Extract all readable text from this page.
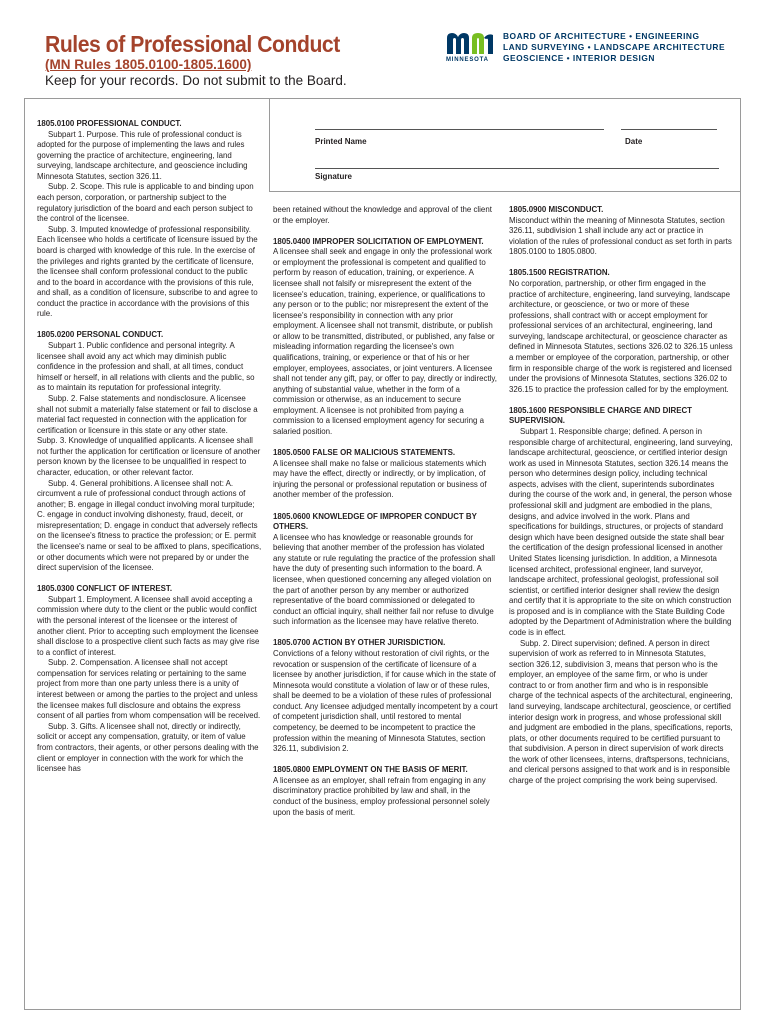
Rules of Professional Conduct
(MN Rules 1805.0100-1805.1600)
Keep for your records. Do not submit to the Board.
MINNESOTA
BOARD OF ARCHITECTURE • ENGINEERING
LAND SURVEYING • LANDSCAPE ARCHITECTURE
GEOSCIENCE • INTERIOR DESIGN
Printed Name	Date
Signature
1805.0100 PROFESSIONAL CONDUCT.

Subpart 1. Purpose. This rule of professional conduct is adopted for the purpose of implementing the laws and rules governing the practice of architecture, engineering, land surveying, landscape architecture, and geoscience including Minnesota Statutes, section 326.11.

Subp. 2. Scope. This rule is applicable to and binding upon each person, corporation, or partnership subject to the regulatory jurisdiction of the board and each person subject to the control of the licensee.

Subp. 3. Imputed knowledge of professional responsibility. Each licensee who holds a certificate of licensure issued by the board is charged with knowledge of this rule. In the exercise of the privileges and rights granted by the certificate of licensure, the licensee shall conform professional conduct to the public and to the board in accordance with the provisions of this rule, and shall, as a condition of licensure, subscribe to and agree to conduct the practice in accordance with the provisions of this rule.

1805.0200 PERSONAL CONDUCT.

Subpart 1. Public confidence and personal integrity. A licensee shall avoid any act which may diminish public confidence in the profession and shall, at all times, conduct himself or herself, in all relations with clients and the public, so as to maintain its reputation for professional integrity.

Subp. 2. False statements and nondisclosure. A licensee shall not submit a materially false statement or fail to disclose a material fact requested in connection with the application for certification or licensure in this state or any other state.

Subp. 3. Knowledge of unqualified applicants. A licensee shall not further the application for certification or licensure of another person known by the licensee to be unqualified in respect to character, education, or other relevant factor.

Subp. 4. General prohibitions. A licensee shall not: A. circumvent a rule of professional conduct through actions of another; B. engage in illegal conduct involving moral turpitude; C. engage in conduct involving dishonesty, fraud, deceit, or misrepresentation; D. engage in conduct that adversely reflects on the licensee's fitness to practice the profession; or E. permit the licensee's name or seal to be affixed to plans, specifications, or other documents which were not prepared by or under the direct supervision of the licensee.

1805.0300 CONFLICT OF INTEREST.

Subpart 1. Employment. A licensee shall avoid accepting a commission where duty to the client or the public would conflict with the personal interest of the licensee or the interest of another client. Prior to accepting such employment the licensee shall disclose to a prospective client such facts as may give rise to a conflict of interest.

Subp. 2. Compensation. A licensee shall not accept compensation for services relating or pertaining to the same project from more than one party unless there is a unity of interest between or among the parties to the project and unless the licensee makes full disclosure and obtains the express consent of all parties from whom compensation will be received.

Subp. 3. Gifts. A licensee shall not, directly or indirectly, solicit or accept any compensation, gratuity, or item of value from contractors, their agents, or other persons dealing with the client or employer in connection with the work for which the licensee has

been retained without the knowledge and approval of the client or the employer.

1805.0400 IMPROPER SOLICITATION OF EMPLOYMENT.

A licensee shall seek and engage in only the professional work or employment the professional is competent and qualified to perform by reason of education, training, or experience. A licensee shall not falsify or misrepresent the extent of the licensee's education, training, experience, or qualifications to any person or to the public; nor misrepresent the extent of the licensee's responsibility in connection with any prior employment. A licensee shall not transmit, distribute, or publish or allow to be transmitted, distributed, or published, any false or misleading information regarding the licensee's own qualifications, training, or experience or that of his or her employer, employees, associates, or joint venturers. A licensee shall not tender any gift, pay, or offer to pay, directly or indirectly, anything of substantial value, whether in the form of a commission or otherwise, as an inducement to secure employment. A licensee is not prohibited from paying a commission to a licensed employment agency for securing a salaried position.

1805.0500 FALSE OR MALICIOUS STATEMENTS.

A licensee shall make no false or malicious statements which may have the effect, directly or indirectly, or by implication, of injuring the personal or professional reputation or business of another member of the profession.

1805.0600 KNOWLEDGE OF IMPROPER CONDUCT BY OTHERS.

A licensee who has knowledge or reasonable grounds for believing that another member of the profession has violated any statute or rule regulating the practice of the profession shall have the duty of presenting such information to the board. A licensee, when questioned concerning any alleged violation on the part of another person by any member or authorized representative of the board commissioned or delegated to conduct an official inquiry, shall neither fail nor refuse to divulge such information as the licensee may have relative thereto.

1805.0700 ACTION BY OTHER JURISDICTION.

Convictions of a felony without restoration of civil rights, or the revocation or suspension of the certificate of licensure of a licensee by another jurisdiction, if for cause which in the state of Minnesota would constitute a violation of law or of these rules, shall be deemed to be a violation of these rules of professional conduct. Any licensee adjudged mentally incompetent by a court of competent jurisdiction shall, until restored to mental competency, be deemed to be incompetent to practice the profession within the meaning of Minnesota Statutes, section 326.11, subdivision 2.

1805.0800 EMPLOYMENT ON THE BASIS OF MERIT.

A licensee as an employer, shall refrain from engaging in any discriminatory practice prohibited by law and shall, in the conduct of the business, employ professional personnel solely upon the basis of merit.

1805.0900 MISCONDUCT.

Misconduct within the meaning of Minnesota Statutes, section 326.11, subdivision 1 shall include any act or practice in violation of the rules of professional conduct as set forth in parts 1805.0100 to 1805.0800.

1805.1500 REGISTRATION.

No corporation, partnership, or other firm engaged in the practice of architecture, engineering, land surveying, landscape architecture, or geoscience, or two or more of these professions, shall contract with or accept employment for professional services of an architectural, engineering, land surveying, landscape architectural, or geoscience character as defined in Minnesota Statutes, sections 326.02 to 326.15 unless a member or employee of the corporation, partnership, or other firm in responsible charge of the work is registered and licensed under the provisions of Minnesota Statutes, sections 326.02 to 326.15 to practice the profession called for by the employment.

1805.1600 RESPONSIBLE CHARGE AND DIRECT SUPERVISION.

Subpart 1. Responsible charge; defined. A person in responsible charge of architectural, engineering, land surveying, landscape architectural, geoscience, or certified interior design work as used in Minnesota Statutes, section 326.14 means the person who determines design policy, including technical aspects, advises with the client, superintends subordinates during the course of the work and, in general, the person whose professional skill and judgment are embodied in the plans, designs, and advice involved in the work. Plans and specifications for buildings, structures, or projects of standard design which have been designed outside the state shall bear the certification of the design professional licensed in another United States licensing jurisdiction. In addition, a Minnesota licensed architect, professional engineer, land surveyor, landscape architect, professional geologist, professional soil scientist, or certified interior designer shall review the design and certify that it is appropriate to the site on which construction is proposed and is in compliance with the State Building Code adopted by the Department of Administration where the building code is in effect.

Subp. 2. Direct supervision; defined. A person in direct supervision of work as referred to in Minnesota Statutes, section 326.12, subdivision 3, means that person who is the employer, an employee of the same firm, or who is under contract to or from another firm and who is in responsible charge of the technical aspects of the architectural, engineering, land surveying, landscape architectural, geoscience, or certified interior design work in progress, and whose professional skill and judgment are embodied in the plans, specifications, reports, plats, or other documents required to be certified pursuant to that subdivision. A person in direct supervision of work directs the work of other licensees, interns, draftspersons, technicians, and clerical persons assigned to that work and is in responsible charge of the project comprising the work being supervised.
